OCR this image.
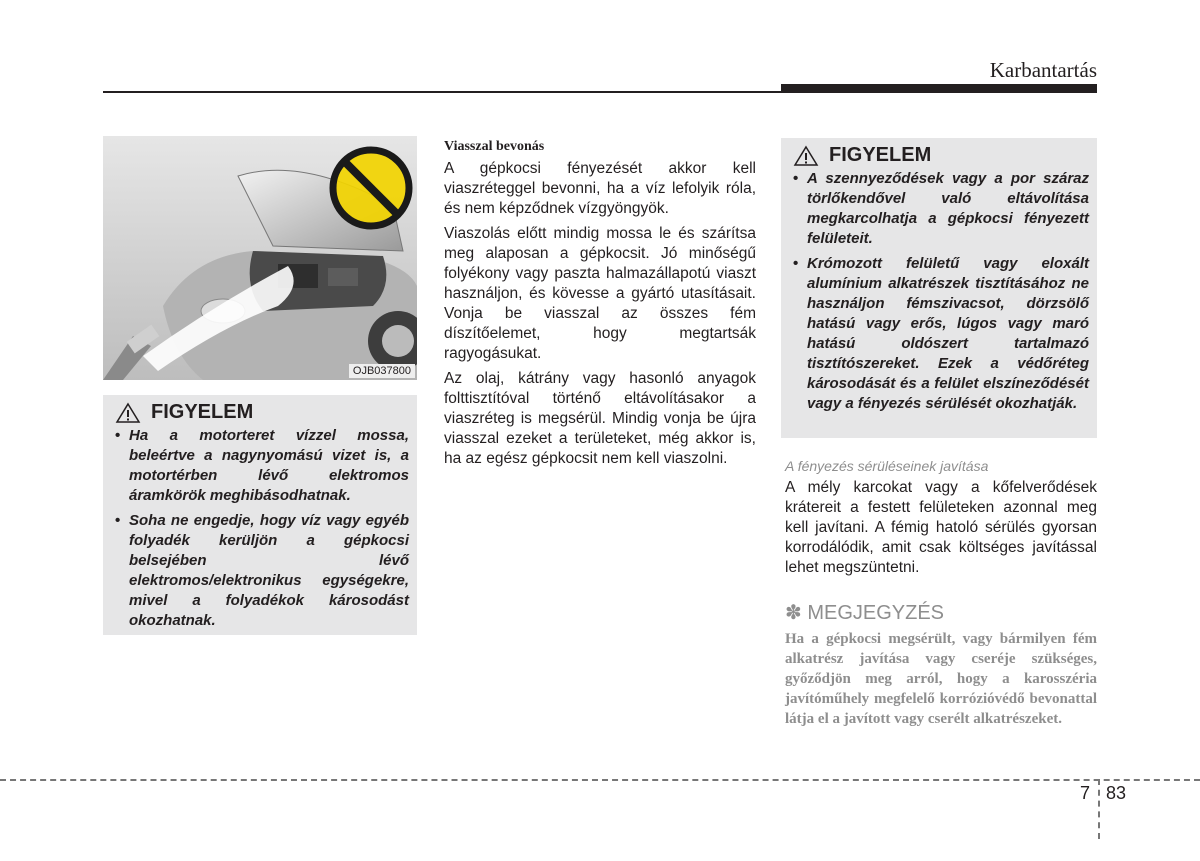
Karbantartás
OJB037800
FIGYELEM
• Ha a motorteret vízzel mossa, beleértve a nagynyomású vizet is, a motortérben lévő elektromos áramkörök meghibásodhatnak.
• Soha ne engedje, hogy víz vagy egyéb folyadék kerüljön a gépkocsi belsejében lévő elektromos/elektronikus egységekre, mivel a folyadékok károsodást okozhatnak.
Viasszal bevonás

A gépkocsi fényezését akkor kell viaszréteggel bevonni, ha a víz lefolyik róla, és nem képződnek vízgyöngyök.

Viaszolás előtt mindig mossa le és szárítsa meg alaposan a gépkocsit. Jó minőségű folyékony vagy paszta halmazállapotú viaszt használjon, és kövesse a gyártó utasításait. Vonja be viasszal az összes fém díszítőelemet, hogy megtartsák ragyogásukat.

Az olaj, kátrány vagy hasonló anyagok folttisztítóval történő eltávolításakor a viaszréteg is megsérül. Mindig vonja be újra viasszal ezeket a területeket, még akkor is, ha az egész gépkocsit nem kell viaszolni.

FIGYELEM
• A szennyeződések vagy a por száraz törlőkendővel való eltávolítása megkarcolhatja a gépkocsi fényezett felületeit.
• Krómozott felületű vagy eloxált alumínium alkatrészek tisztításához ne használjon fémszivacsot, dörzsölő hatású vagy erős, lúgos vagy maró hatású oldószert tartalmazó tisztítószereket. Ezek a védőréteg károsodását és a felület elszíneződését vagy a fényezés sérülését okozhatják.
A fényezés sérüléseinek javítása

A mély karcokat vagy a kőfelverődések krátereit a festett felületeken azonnal meg kell javítani. A fémig hatoló sérülés gyorsan korrodálódik, amit csak költséges javítással lehet megszüntetni.

✽ MEGJEGYZÉS
Ha a gépkocsi megsérült, vagy bármilyen fém alkatrész javítása vagy cseréje szükséges, győződjön meg arról, hogy a karosszéria javítóműhely megfelelő korrózióvédő bevonattal látja el a javított vagy cserélt alkatrészeket.
7 83
